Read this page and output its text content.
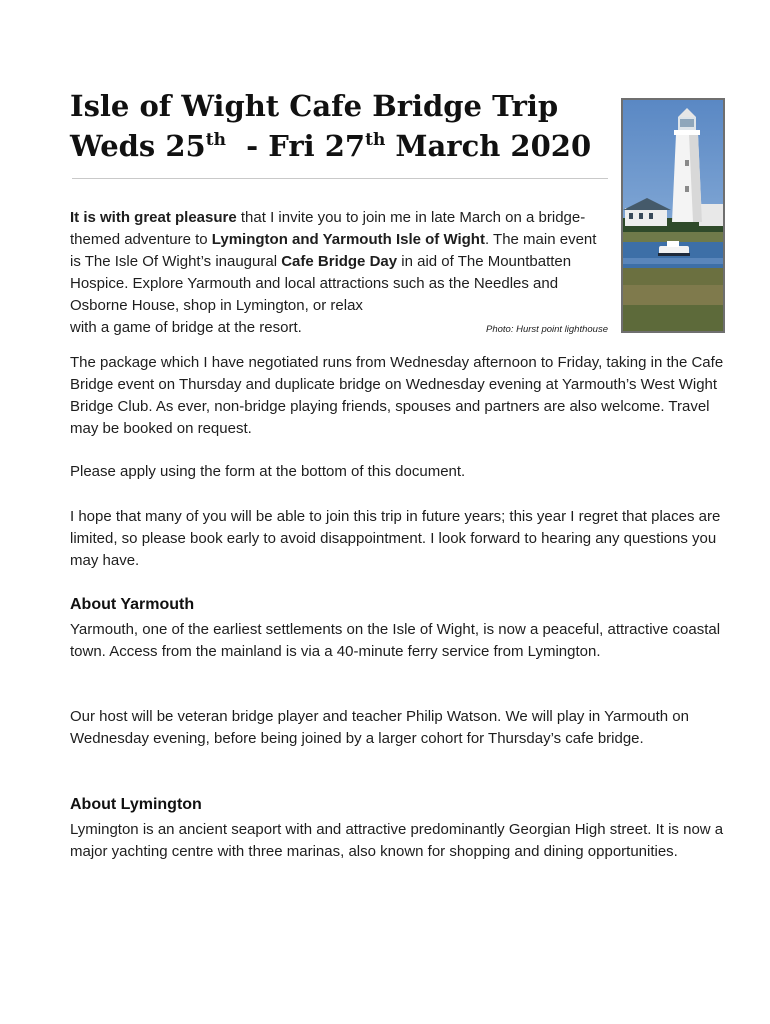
Isle of Wight Cafe Bridge Trip
Weds 25th  - Fri 27th March 2020
It is with great pleasure that I invite you to join me in late March on a bridge-themed adventure to Lymington and Yarmouth Isle of Wight. The main event is The Isle Of Wight’s inaugural Cafe Bridge Day in aid of The Mountbatten Hospice. Explore Yarmouth and local attractions such as the Needles and Osborne House, shop in Lymington, or relax
with a game of bridge at the resort.	Photo: Hurst point lighthouse

The package which I have negotiated runs from Wednesday afternoon to Friday, taking in the Cafe Bridge event on Thursday and duplicate bridge on Wednesday evening at Yarmouth’s West Wight Bridge Club. As ever, non-bridge playing friends, spouses and partners are also welcome. Travel may be booked on request.

Please apply using the form at the bottom of this document.

I hope that many of you will be able to join this trip in future years; this year I regret that places are limited, so please book early to avoid disappointment. I look forward to hearing any questions you may have.

About Yarmouth

Yarmouth, one of the earliest settlements on the Isle of Wight, is now a peaceful, attractive coastal town. Access from the mainland is via a 40-minute ferry service from Lymington.

Our host will be veteran bridge player and teacher Philip Watson. We will play in Yarmouth on Wednesday evening, before being joined by a larger cohort for Thursday’s cafe bridge.

About Lymington

Lymington is an ancient seaport with and attractive predominantly Georgian High street. It is now a major yachting centre with three marinas, also known for shopping and dining opportunities.
